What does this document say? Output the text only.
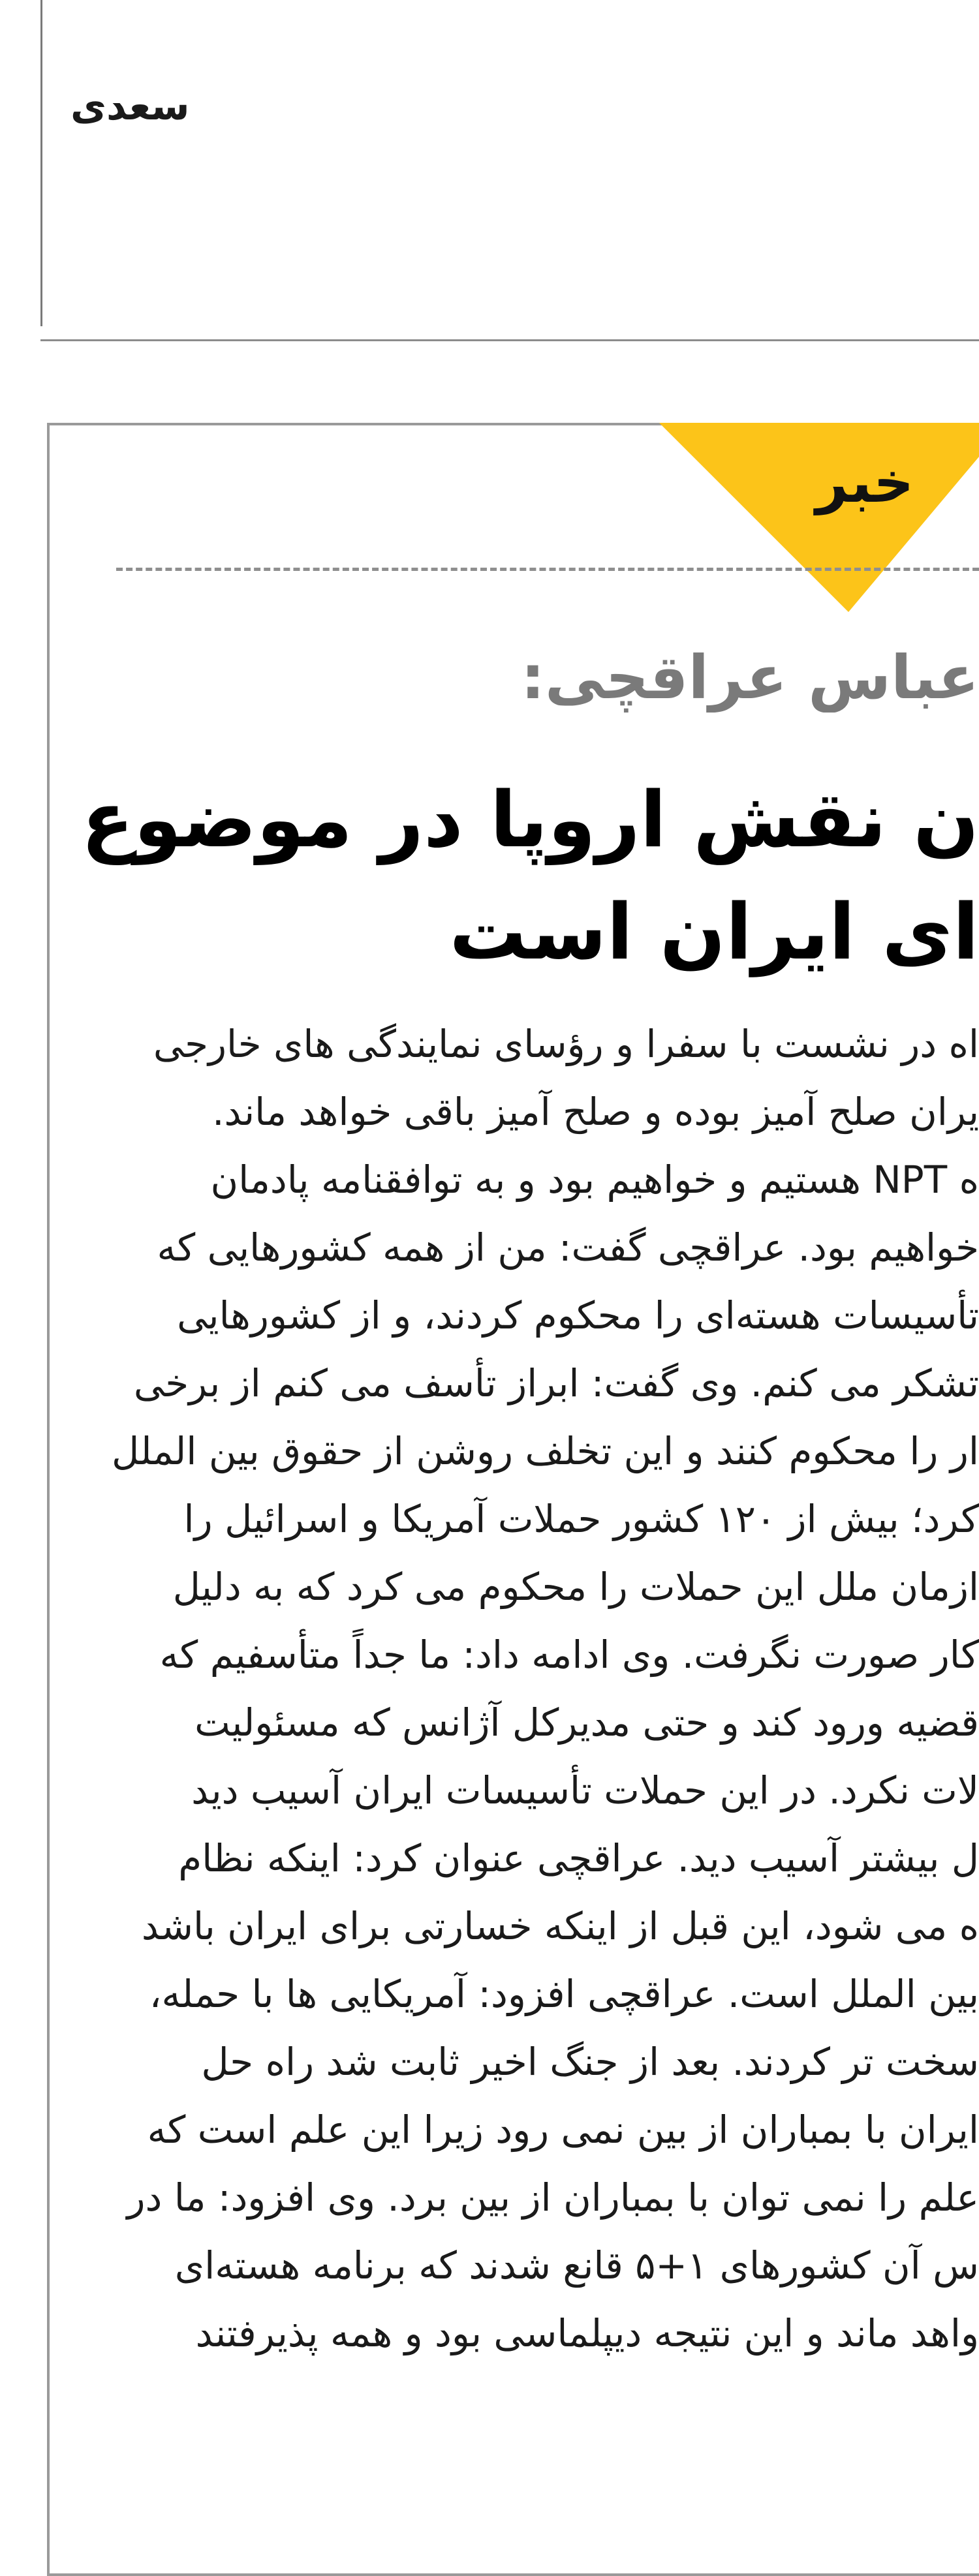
سعدی
خبر
عباس عراقچی:
ن نقش اروپا در موضوع
ای ایران است
اه در نشست با سفرا و رؤسای نمایندگی های خارجی
یران صلح آمیز بوده و صلح آمیز باقی خواهد ماند.
ه NPT هستیم و خواهیم بود و به توافقنامه پادمان
خواهیم بود. عراقچی گفت: من از همه کشورهایی که
تأسیسات هسته‌ای را محکوم کردند، و از کشورهایی
تشکر می کنم. وی گفت: ابراز تأسف می کنم از برخی
ار را محکوم کنند و این تخلف روشن از حقوق بین الملل
کرد؛ بیش از ۱۲۰ کشور حملات آمریکا و اسرائیل را
ازمان ملل این حملات را محکوم می کرد که به دلیل
کار صورت نگرفت. وی ادامه داد: ما جداً متأسفیم که
قضیه ورود کند و حتی مدیرکل آژانس که مسئولیت
لات نکرد. در این حملات تأسیسات ایران آسیب دید
ل بیشتر آسیب دید. عراقچی عنوان کرد: اینکه نظام
ه می شود، این قبل از اینکه خسارتی برای ایران باشد
بین الملل است. عراقچی افزود: آمریکایی ها با حمله،
سخت تر کردند. بعد از جنگ اخیر ثابت شد راه حل
ایران با بمباران از بین نمی رود زیرا این علم است که
علم را نمی توان با بمباران از بین برد. وی افزود: ما در
س آن کشورهای ۱+۵ قانع شدند که برنامه هسته‌ای
واهد ماند و این نتیجه دیپلماسی بود و همه پذیرفتند
